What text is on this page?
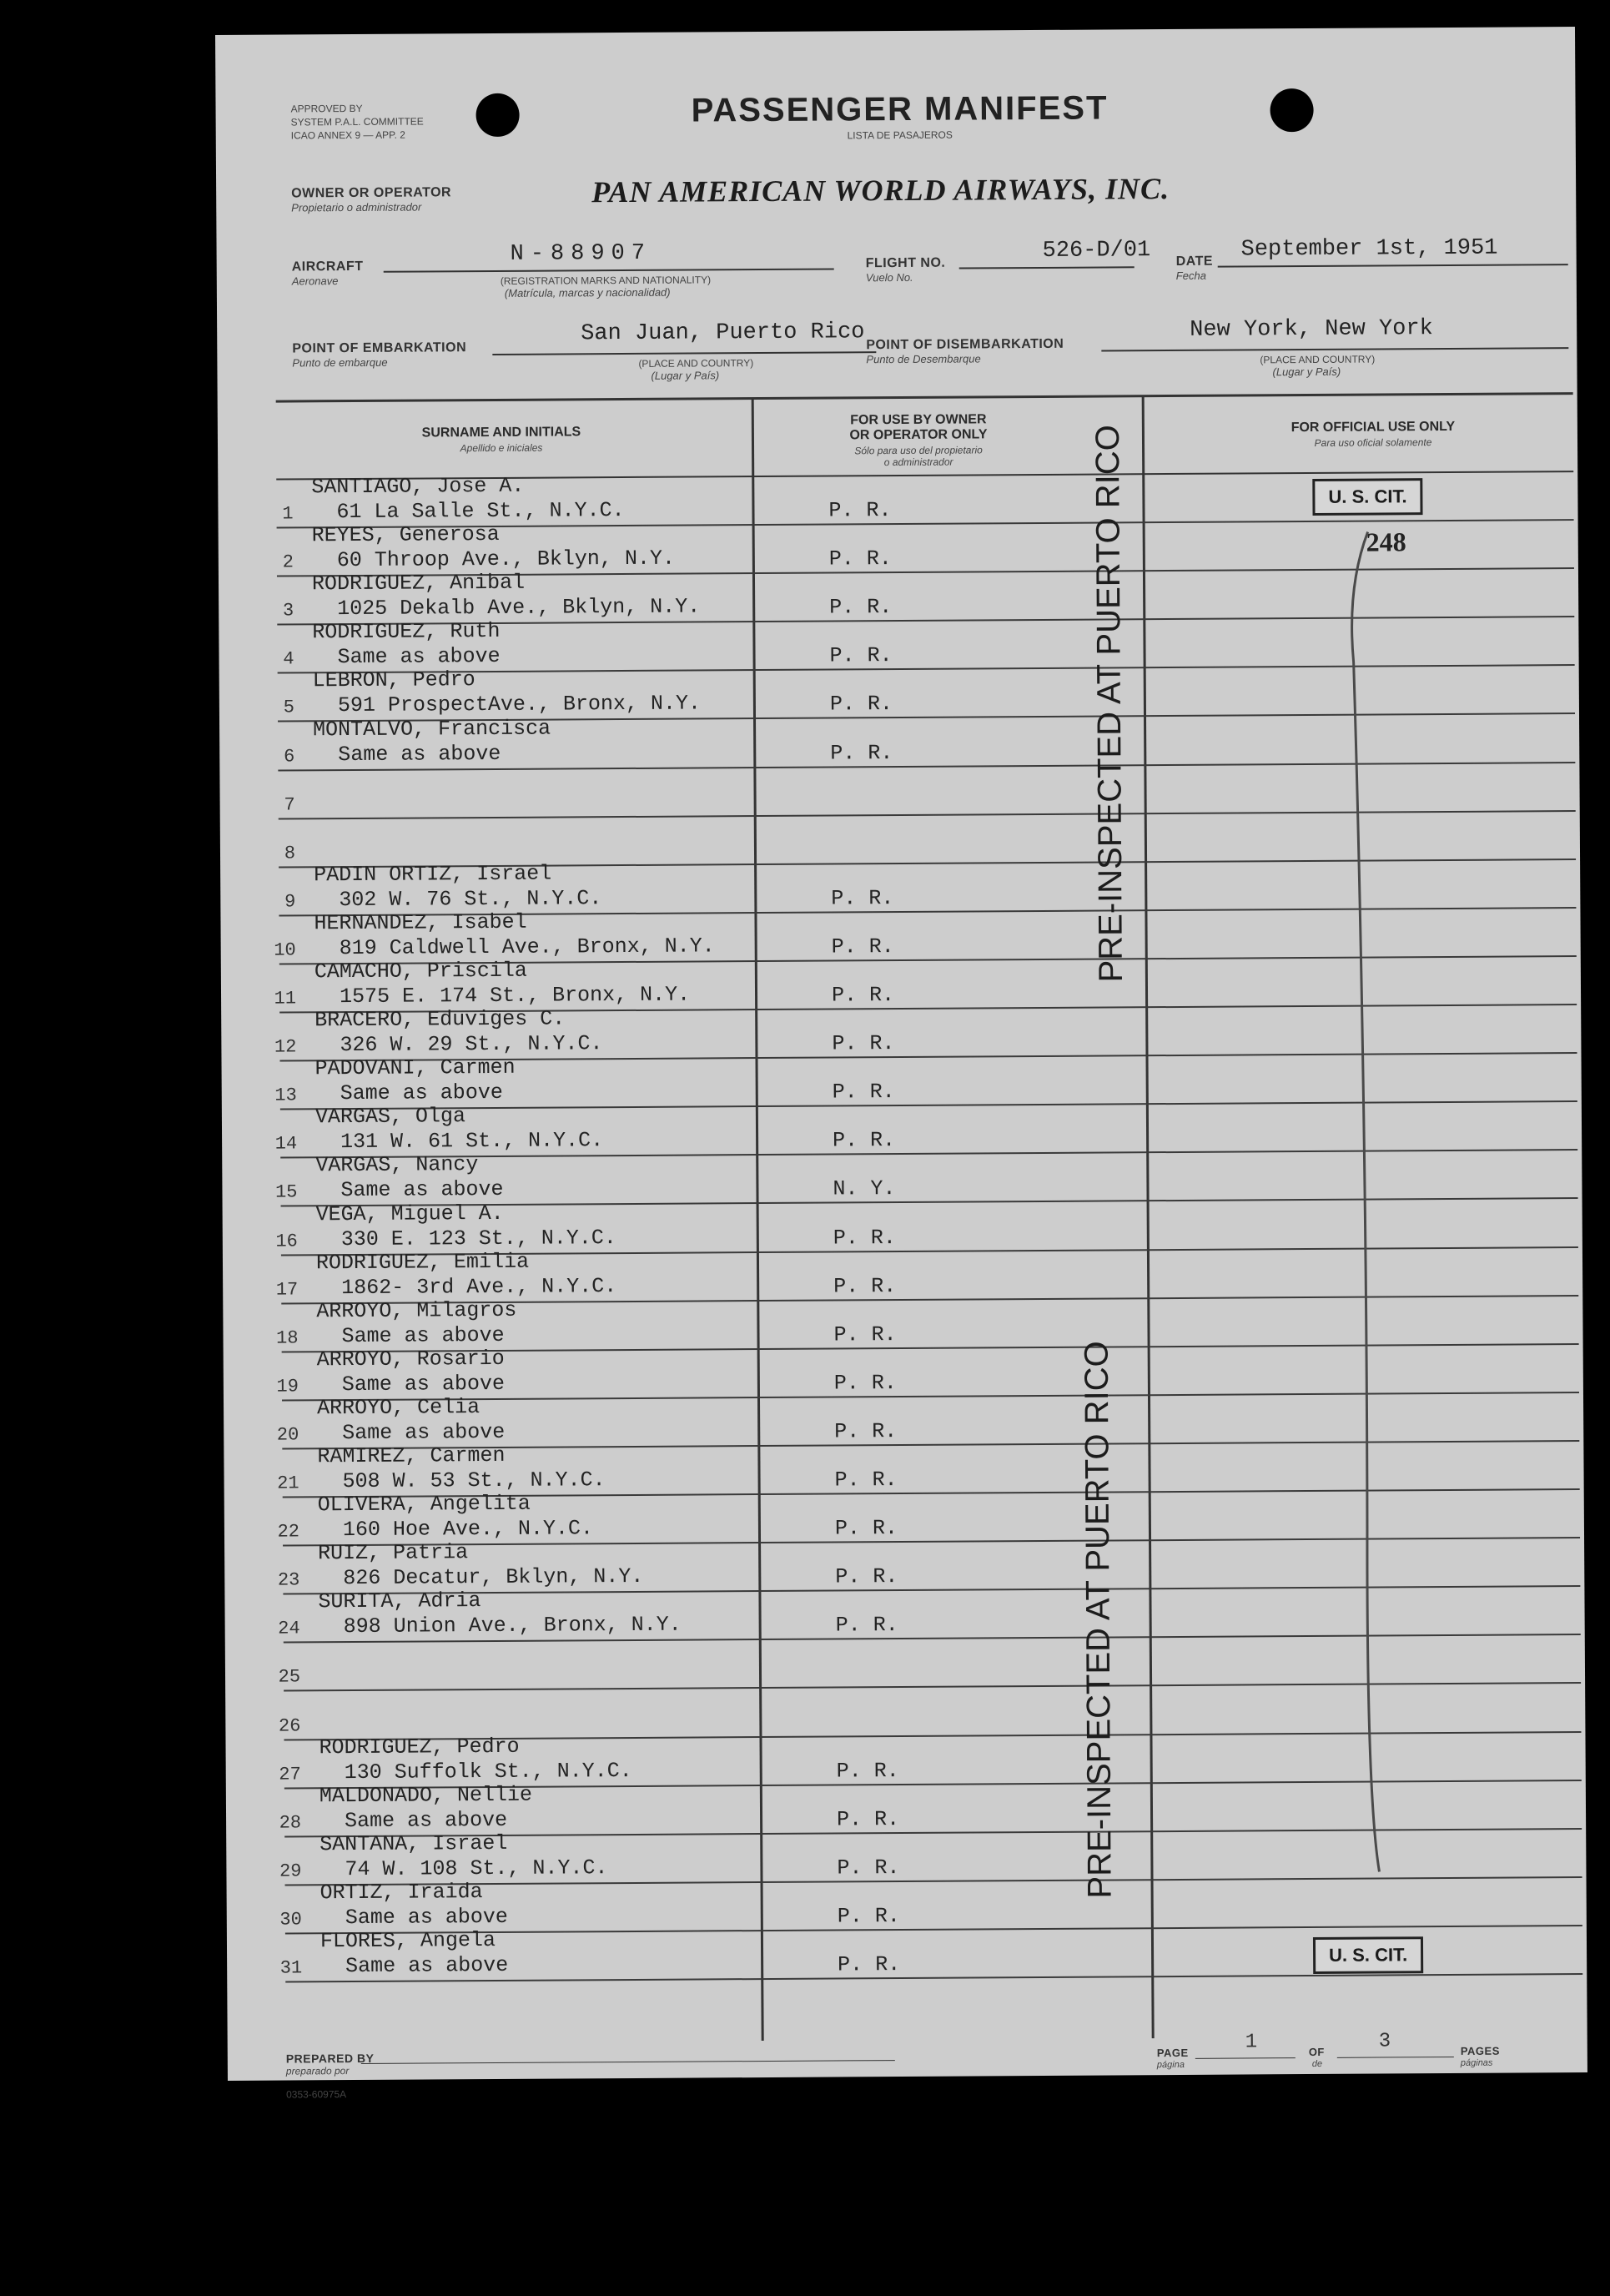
APPROVED BY
SYSTEM P.A.L. COMMITTEE
ICAO ANNEX 9 — APP. 2
PASSENGER MANIFEST
LISTA DE PASAJEROS
OWNER OR OPERATOR
Propietario o administrador	PAN AMERICAN WORLD AIRWAYS, INC.
AIRCRAFT
Aeronave
N-88907
(REGISTRATION MARKS AND NATIONALITY)
(Matrícula, marcas y nacionalidad)
FLIGHT NO.
Vuelo No.
526-D/01 DATE
Fecha
September 1st, 1951
POINT OF EMBARKATION
Punto de embarque
San Juan, Puerto Rico
(PLACE AND COUNTRY)
(Lugar y País)
POINT OF DISEMBARKATION
Punto de Desembarque
New York, New York
(PLACE AND COUNTRY)
(Lugar y País)
SURNAME AND INITIALS
Apellido e iniciales
FOR USE BY OWNER
OR OPERATOR ONLY
Sólo para uso del propietario
o administrador
FOR OFFICIAL USE ONLY
Para uso oficial solamente
1
SANTIAGO, Jose A.
61 La Salle St., N.Y.C.	P. R.
2
REYES, Generosa
60 Throop Ave., Bklyn, N.Y.	P. R.
3
RODRIGUEZ, Anibal
1025 Dekalb Ave., Bklyn, N.Y.	P. R.
4
RODRIGUEZ, Ruth
Same as above	P. R.
5
LEBRON, Pedro
591 ProspectAve., Bronx, N.Y.	P. R.
6
MONTALVO, Francisca
Same as above	P. R.
7
8
9
PADIN ORTIZ, Israel
302 W. 76 St., N.Y.C.	P. R.
10
HERNANDEZ, Isabel
819 Caldwell Ave., Bronx, N.Y.	P. R.
11
CAMACHO, Priscila
1575 E. 174 St., Bronx, N.Y.	P. R.
12
BRACERO, Eduviges C.
326 W. 29 St., N.Y.C.	P. R.
13
PADOVANI, Carmen
Same as above	P. R.
14
VARGAS, Olga
131 W. 61 St., N.Y.C.	P. R.
15
VARGAS, Nancy
Same as above	N. Y.
16
VEGA, Miguel A.
330 E. 123 St., N.Y.C.	P. R.
17
RODRIGUEZ, Emilia
1862- 3rd Ave., N.Y.C.	P. R.
18
ARROYO, Milagros
Same as above	P. R.
19
ARROYO, Rosario
Same as above	P. R.
20
ARROYO, Celia
Same as above	P. R.
21
RAMIREZ, Carmen
508 W. 53 St., N.Y.C.	P. R.
22
OLIVERA, Angelita
160 Hoe Ave., N.Y.C.	P. R.
23
RUIZ, Patria
826 Decatur, Bklyn, N.Y.	P. R.
24
SURITA, Adria
898 Union Ave., Bronx, N.Y.	P. R.
25
26
27
RODRIGUEZ, Pedro
130 Suffolk St., N.Y.C.	P. R.
28
MALDONADO, Nellie
Same as above	P. R.
29
SANTANA, Israel
74 W. 108 St., N.Y.C.	P. R.
30
ORTIZ, Iraida
Same as above	P. R.
31
FLORES, Angela
Same as above	P. R.
PRE-INSPECTED AT PUERTO RICO
PRE-INSPECTED AT PUERTO RICO
U. S. CIT.
248
U. S. CIT.
PREPARED BY
preparado por
PAGE
página
1	OF
de
3	PAGES
páginas
0353-60975A
